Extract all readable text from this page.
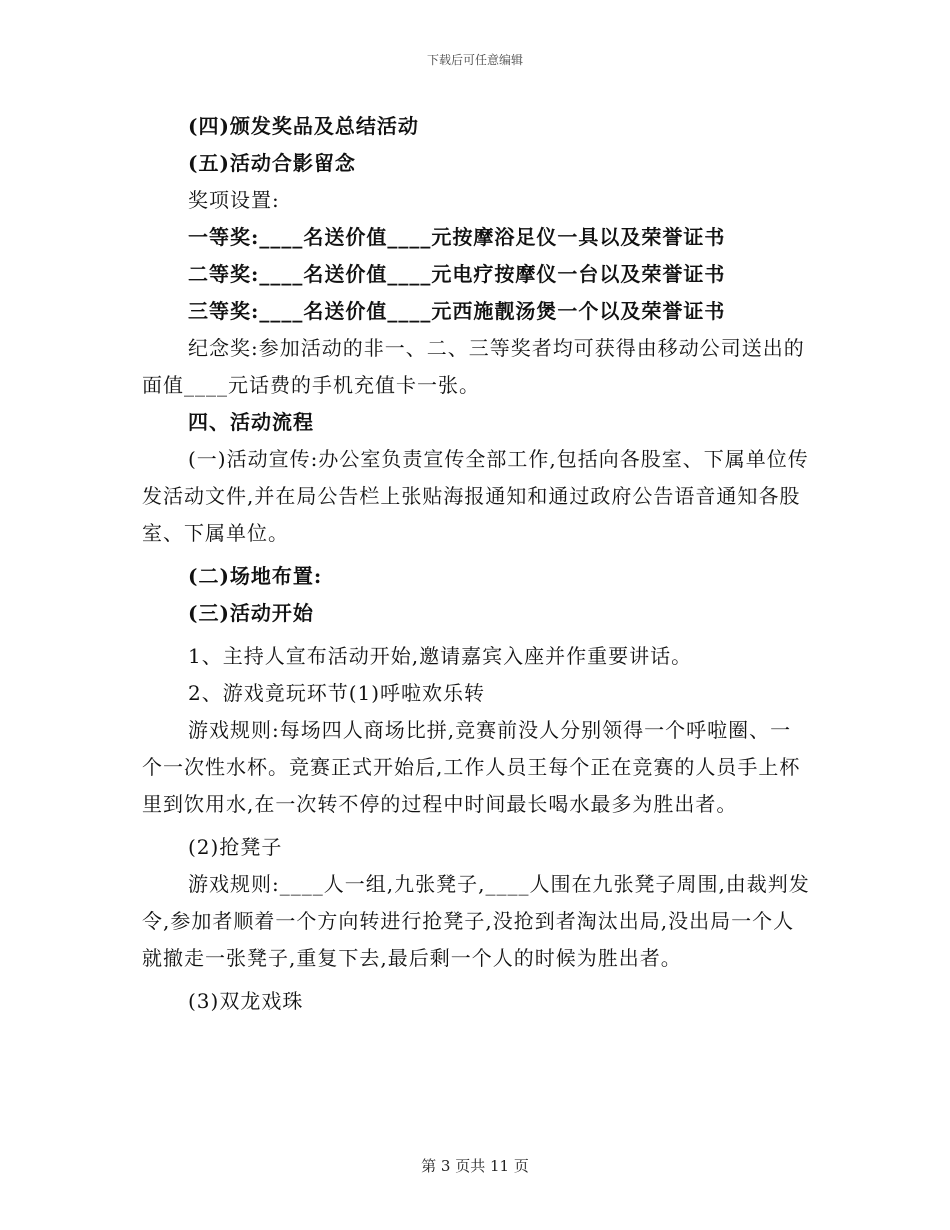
下载后可任意编辑

(四)颁发奖品及总结活动

(五)活动合影留念

奖项设置:

一等奖:____名送价值____元按摩浴足仪一具以及荣誉证书

二等奖:____名送价值____元电疗按摩仪一台以及荣誉证书

三等奖:____名送价值____元西施靓汤煲一个以及荣誉证书

纪念奖:参加活动的非一、二、三等奖者均可获得由移动公司送出的面值____元话费的手机充值卡一张。

四、活动流程

(一)活动宣传:办公室负责宣传全部工作,包括向各股室、下属单位传发活动文件,并在局公告栏上张贴海报通知和通过政府公告语音通知各股室、下属单位。

(二)场地布置:

(三)活动开始

1、主持人宣布活动开始,邀请嘉宾入座并作重要讲话。

2、游戏竟玩环节(1)呼啦欢乐转

游戏规则:每场四人商场比拼,竞赛前没人分别领得一个呼啦圈、一个一次性水杯。竞赛正式开始后,工作人员王每个正在竞赛的人员手上杯里到饮用水,在一次转不停的过程中时间最长喝水最多为胜出者。

(2)抢凳子

游戏规则:____人一组,九张凳子,____人围在九张凳子周围,由裁判发令,参加者顺着一个方向转进行抢凳子,没抢到者淘汰出局,没出局一个人就撤走一张凳子,重复下去,最后剩一个人的时候为胜出者。

(3)双龙戏珠

第 3 页共 11 页
